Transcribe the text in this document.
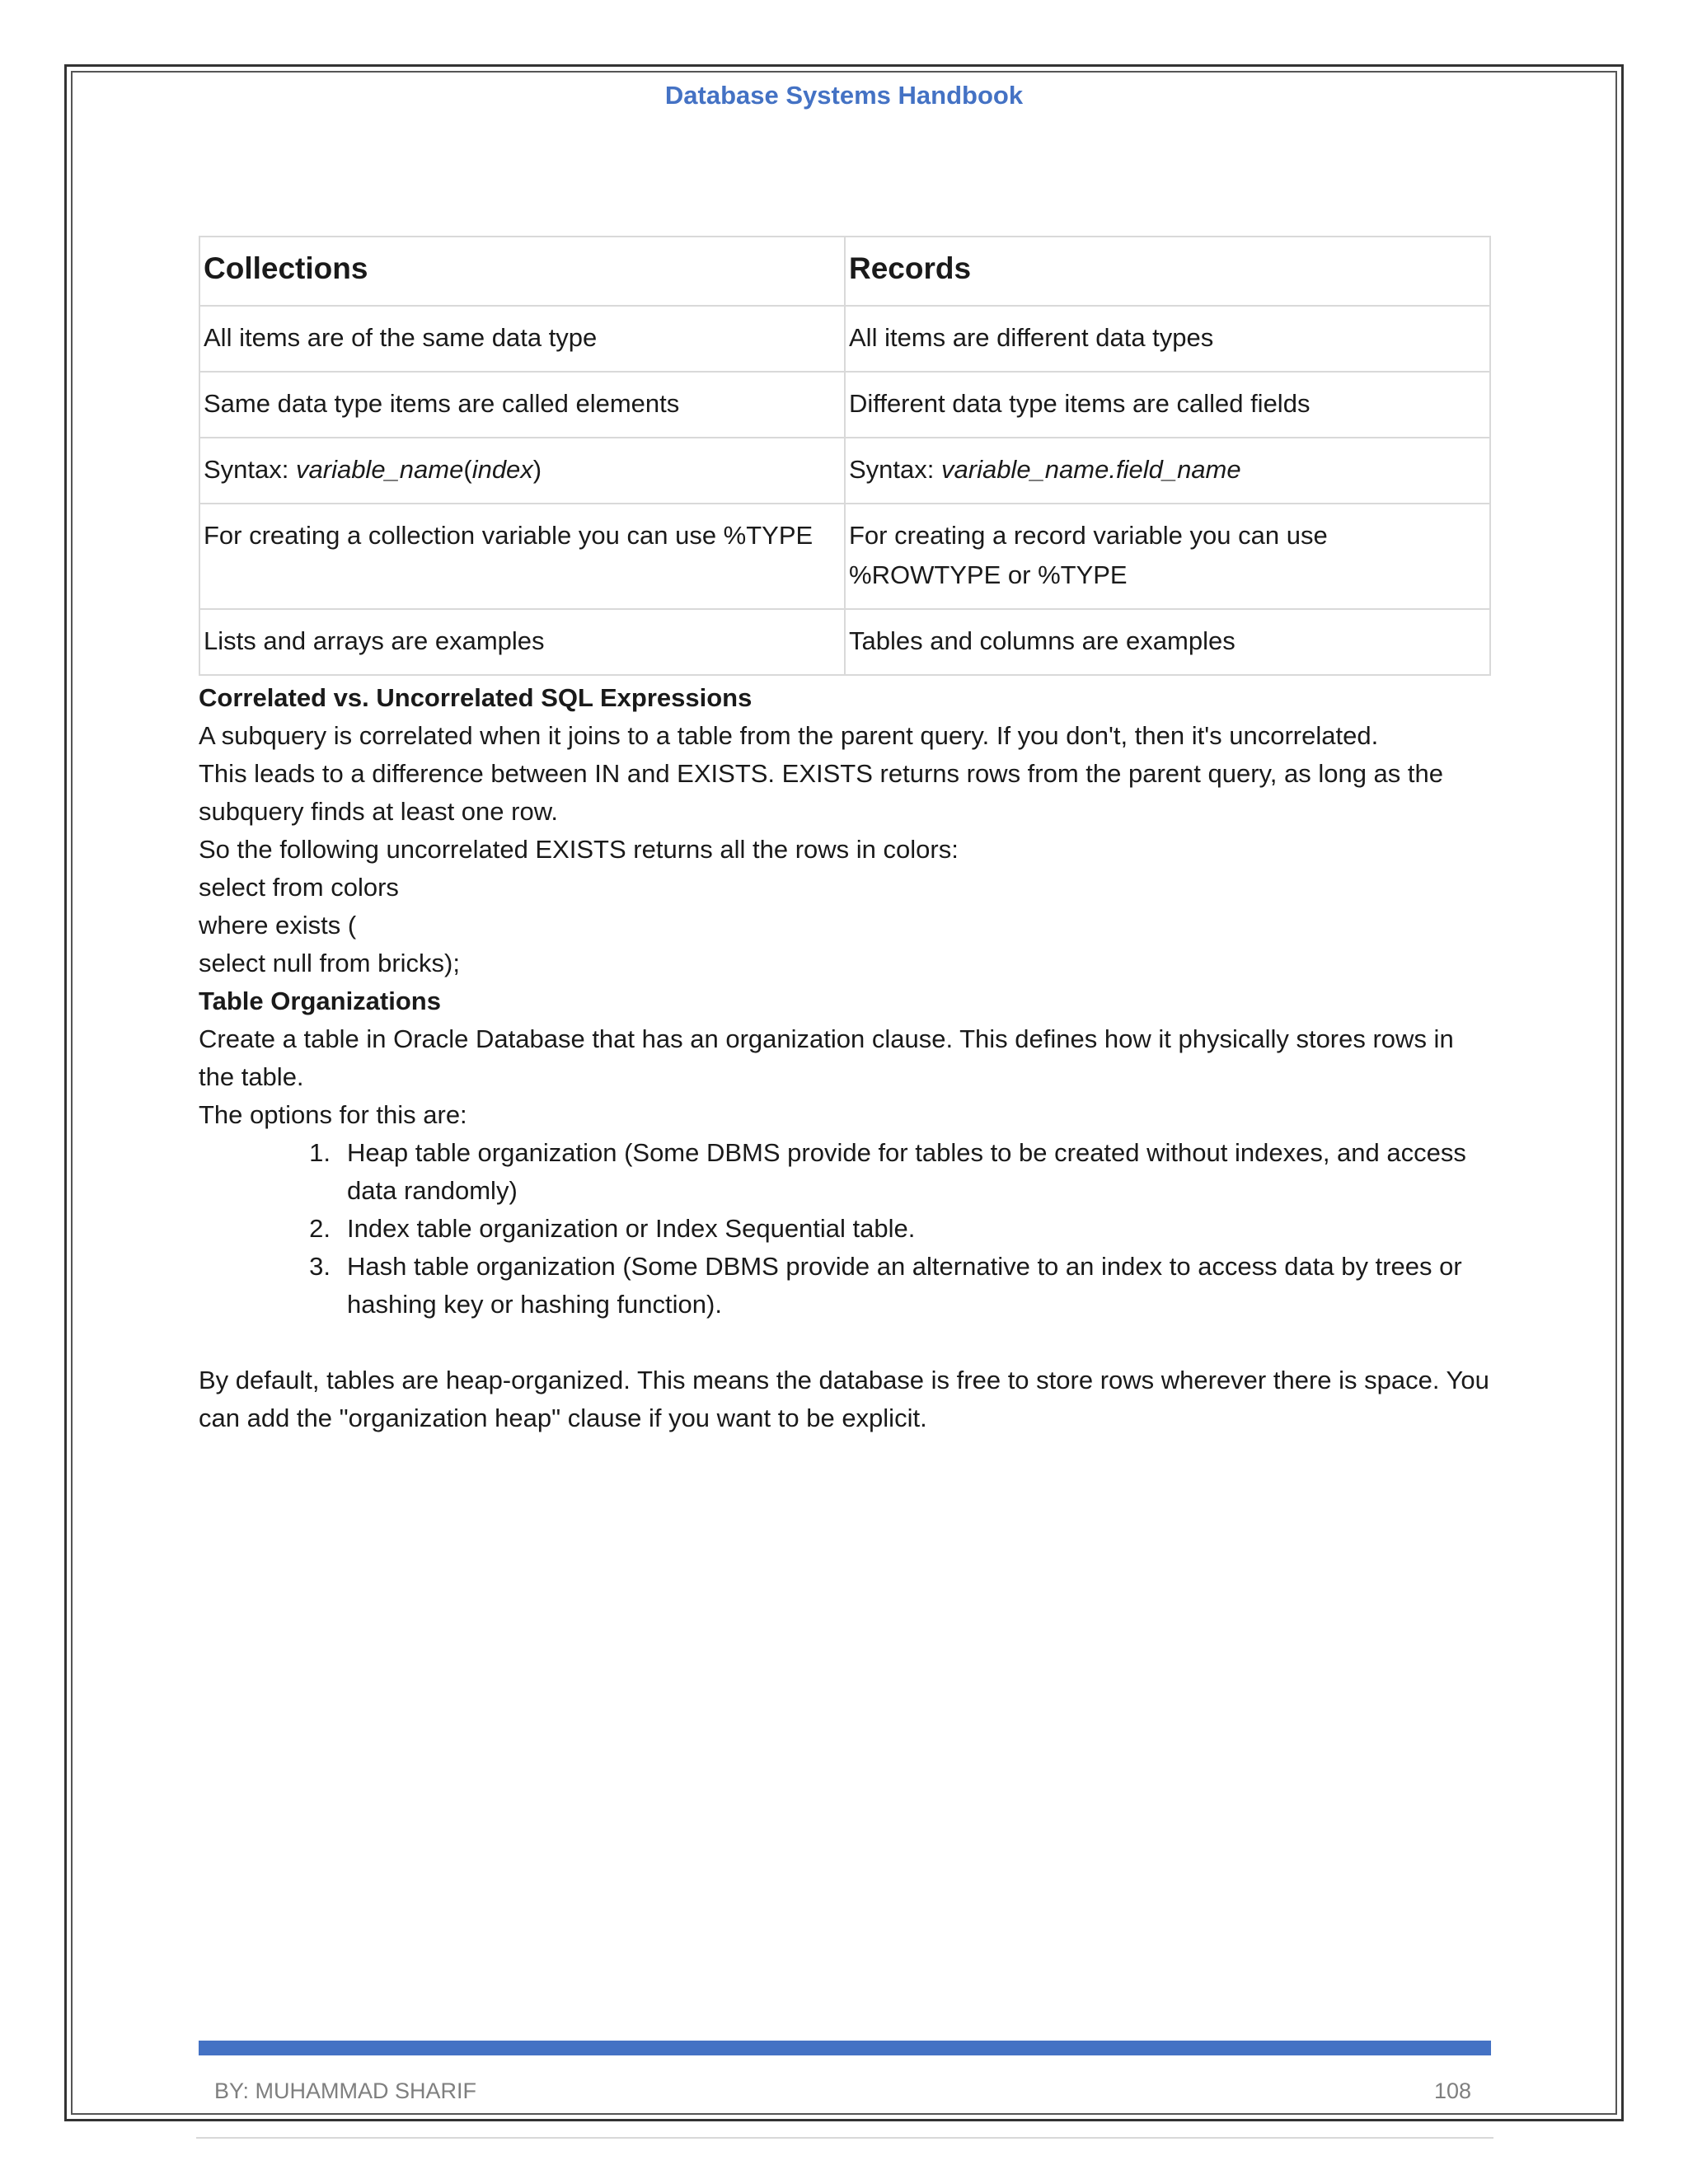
Database Systems Handbook
Collections	Records
All items are of the same data type	All items are different data types
Same data type items are called elements	Different data type items are called fields
Syntax: variable_name(index)	Syntax: variable_name.field_name
For creating a collection variable you can use %TYPE	For creating a record variable you can use %ROWTYPE or %TYPE
Lists and arrays are examples	Tables and columns are examples

Correlated vs. Uncorrelated SQL Expressions

A subquery is correlated when it joins to a table from the parent query. If you don't, then it's uncorrelated.

This leads to a difference between IN and EXISTS. EXISTS returns rows from the parent query, as long as the subquery finds at least one row.

So the following uncorrelated EXISTS returns all the rows in colors:

select from colors

where exists (

select null from bricks);

Table Organizations

Create a table in Oracle Database that has an organization clause. This defines how it physically stores rows in the table.

The options for this are:

1. Heap table organization (Some DBMS provide for tables to be created without indexes, and access data randomly)
2. Index table organization or Index Sequential table.
3. Hash table organization (Some DBMS provide an alternative to an index to access data by trees or hashing key or hashing function).

By default, tables are heap-organized. This means the database is free to store rows wherever there is space. You can add the "organization heap" clause if you want to be explicit.

BY: MUHAMMAD SHARIF	108
